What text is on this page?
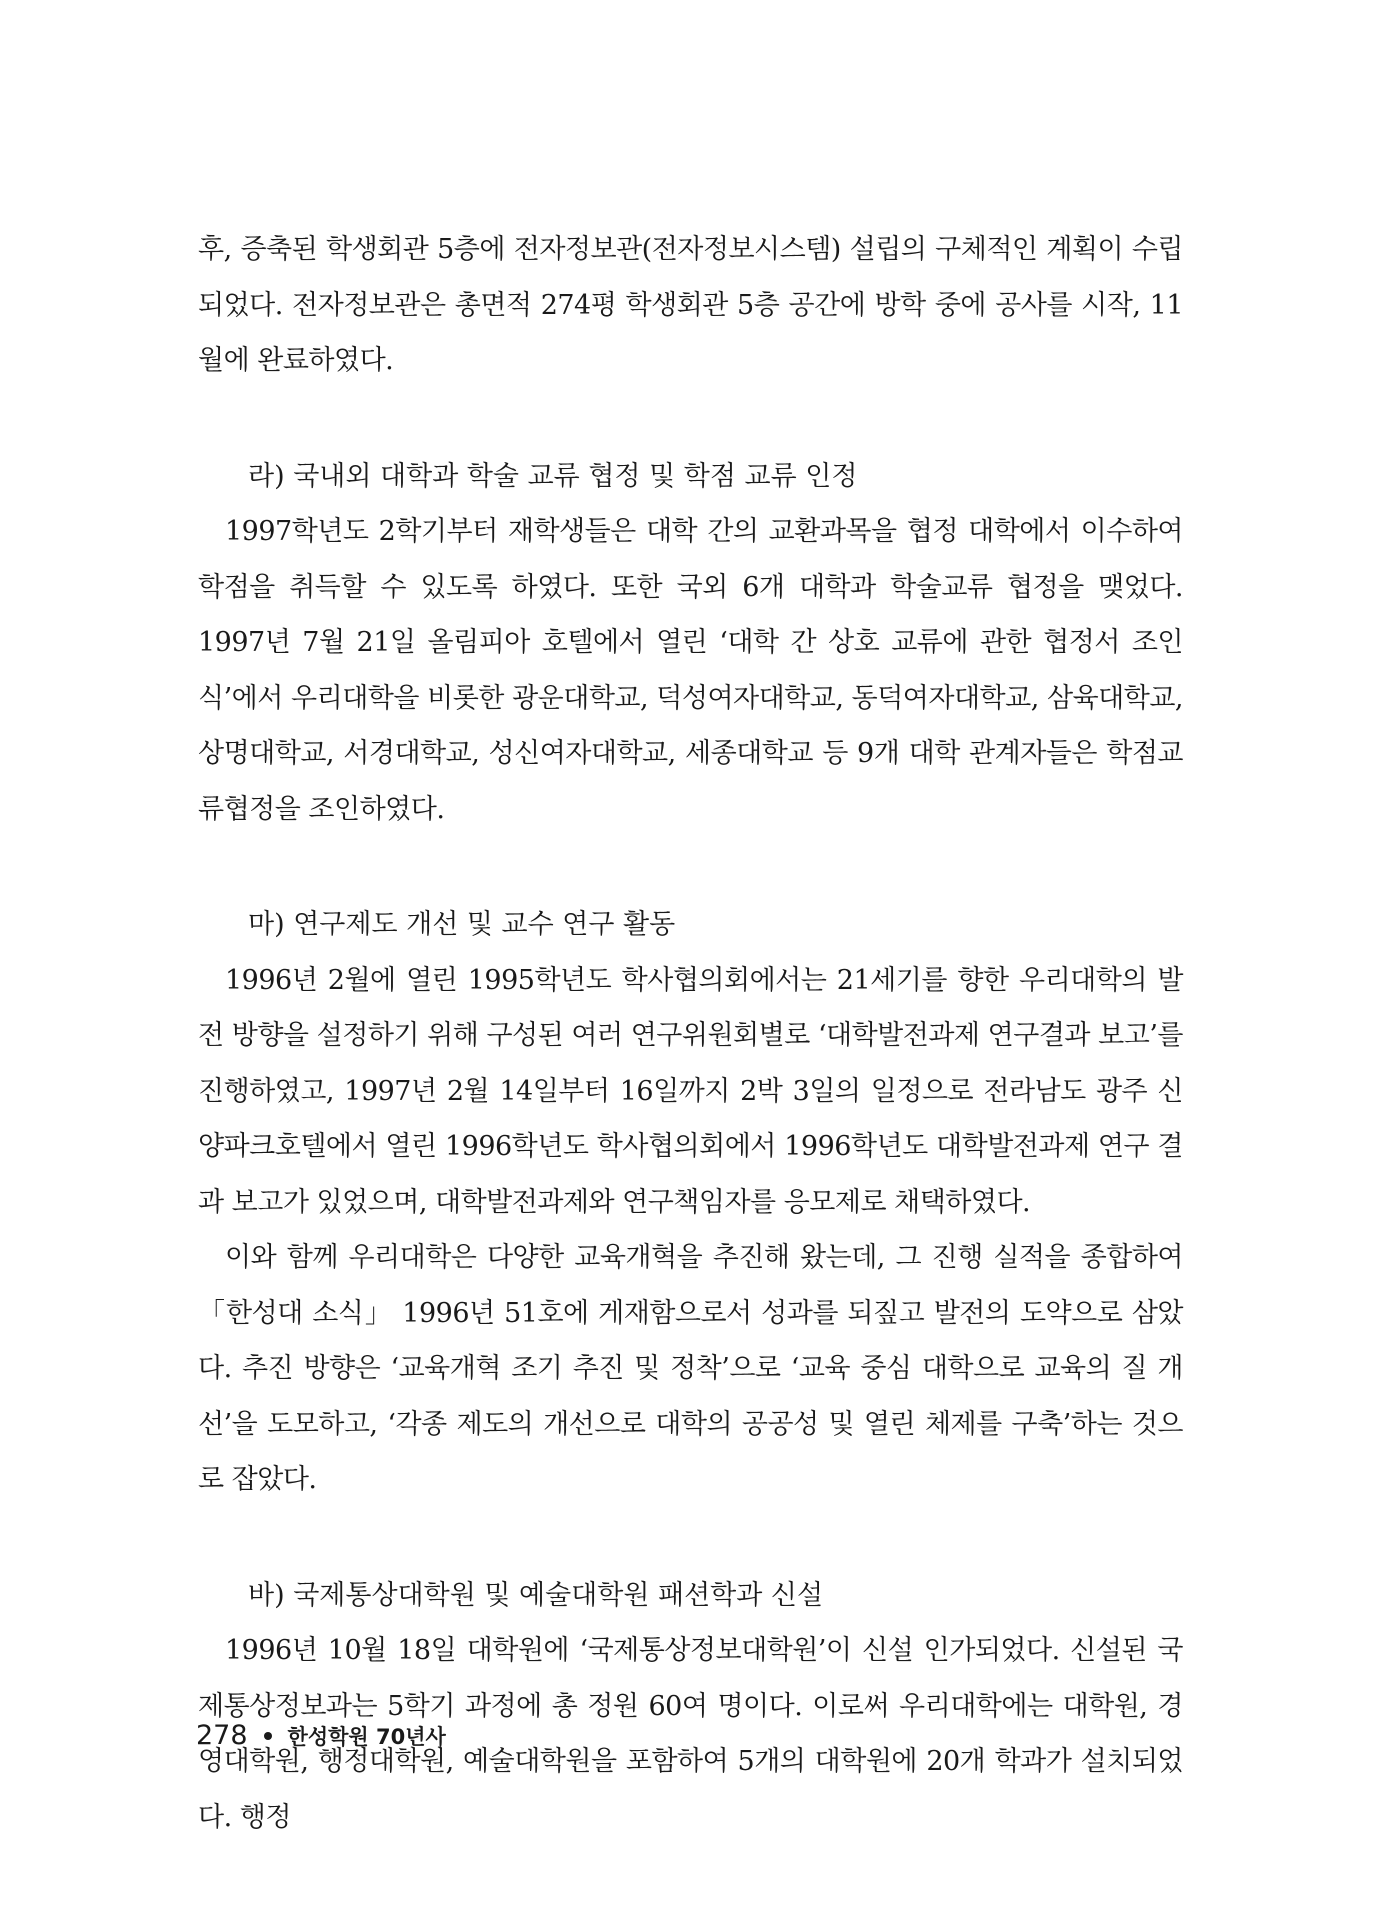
후, 증축된 학생회관 5층에 전자정보관(전자정보시스템) 설립의 구체적인 계획이 수립되었다. 전자정보관은 총면적 274평 학생회관 5층 공간에 방학 중에 공사를 시작, 11월에 완료하였다.

라) 국내외 대학과 학술 교류 협정 및 학점 교류 인정

1997학년도 2학기부터 재학생들은 대학 간의 교환과목을 협정 대학에서 이수하여 학점을 취득할 수 있도록 하였다. 또한 국외 6개 대학과 학술교류 협정을 맺었다. 1997년 7월 21일 올림피아 호텔에서 열린 ‘대학 간 상호 교류에 관한 협정서 조인식’에서 우리대학을 비롯한 광운대학교, 덕성여자대학교, 동덕여자대학교, 삼육대학교, 상명대학교, 서경대학교, 성신여자대학교, 세종대학교 등 9개 대학 관계자들은 학점교류협정을 조인하였다.

마) 연구제도 개선 및 교수 연구 활동

1996년 2월에 열린 1995학년도 학사협의회에서는 21세기를 향한 우리대학의 발전 방향을 설정하기 위해 구성된 여러 연구위원회별로 ‘대학발전과제 연구결과 보고’를 진행하였고, 1997년 2월 14일부터 16일까지 2박 3일의 일정으로 전라남도 광주 신양파크호텔에서 열린 1996학년도 학사협의회에서 1996학년도 대학발전과제 연구 결과 보고가 있었으며, 대학발전과제와 연구책임자를 응모제로 채택하였다.

이와 함께 우리대학은 다양한 교육개혁을 추진해 왔는데, 그 진행 실적을 종합하여 「한성대 소식」 1996년 51호에 게재함으로서 성과를 되짚고 발전의 도약으로 삼았다. 추진 방향은 ‘교육개혁 조기 추진 및 정착’으로 ‘교육 중심 대학으로 교육의 질 개선’을 도모하고, ‘각종 제도의 개선으로 대학의 공공성 및 열린 체제를 구축’하는 것으로 잡았다.

바) 국제통상대학원 및 예술대학원 패션학과 신설

1996년 10월 18일 대학원에 ‘국제통상정보대학원’이 신설 인가되었다. 신설된 국제통상정보과는 5학기 과정에 총 정원 60여 명이다. 이로써 우리대학에는 대학원, 경영대학원, 행정대학원, 예술대학원을 포함하여 5개의 대학원에 20개 학과가 설치되었다. 행정

278 한성학원 70년사
